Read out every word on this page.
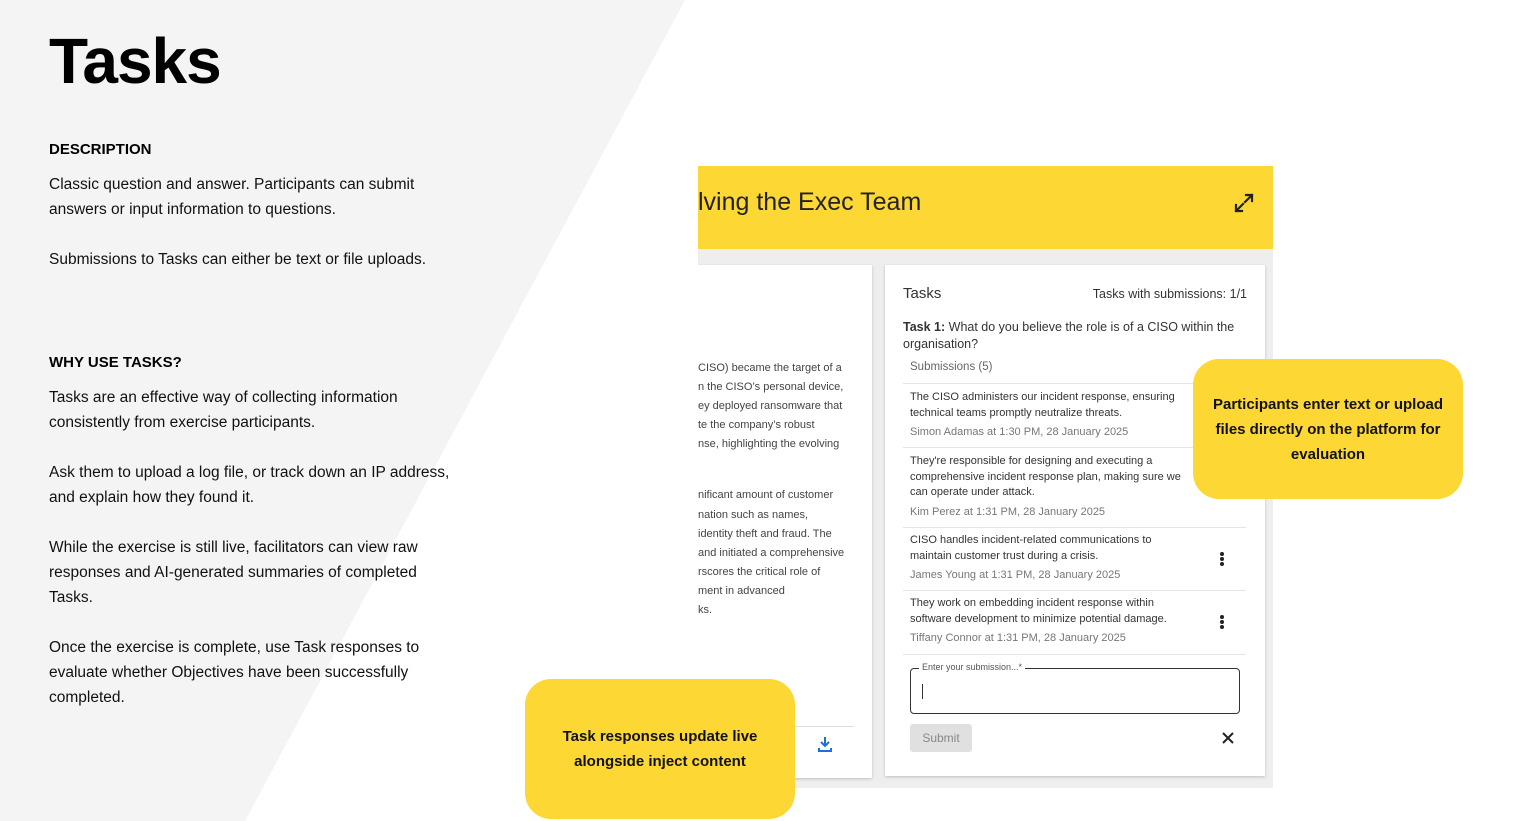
Tasks
DESCRIPTION

Classic question and answer. Participants can submit answers or input information to questions.

Submissions to Tasks can either be text or file uploads.

WHY USE TASKS?

Tasks are an effective way of collecting information consistently from exercise participants.

Ask them to upload a log file, or track down an IP address, and explain how they found it.

While the exercise is still live, facilitators can view raw responses and AI-generated summaries of completed Tasks.

Once the exercise is complete, use Task responses to evaluate whether Objectives have been successfully completed.

lving the Exec Team
CISO) became the target of a
n the CISO’s personal device,
ey deployed ransomware that
te the company’s robust
nse, highlighting the evolving
nificant amount of customer
nation such as names,
identity theft and fraud. The
and initiated a comprehensive
rscores the critical role of
ment in advanced
ks.
Tasks	Tasks with submissions: 1/1
Task 1: What do you believe the role is of a CISO within the organisation?
Submissions (5)
The CISO administers our incident response, ensuring technical teams promptly neutralize threats.
Simon Adamas at 1:30 PM, 28 January 2025
They're responsible for designing and executing a comprehensive incident response plan, making sure we can operate under attack.
Kim Perez at 1:31 PM, 28 January 2025
CISO handles incident-related communications to maintain customer trust during a crisis.
James Young at 1:31 PM, 28 January 2025
They work on embedding incident response within software development to minimize potential damage.
Tiffany Connor at 1:31 PM, 28 January 2025
Enter your submission...*
Submit
Participants enter text or upload files directly on the platform for evaluation
Task responses update live alongside inject content
